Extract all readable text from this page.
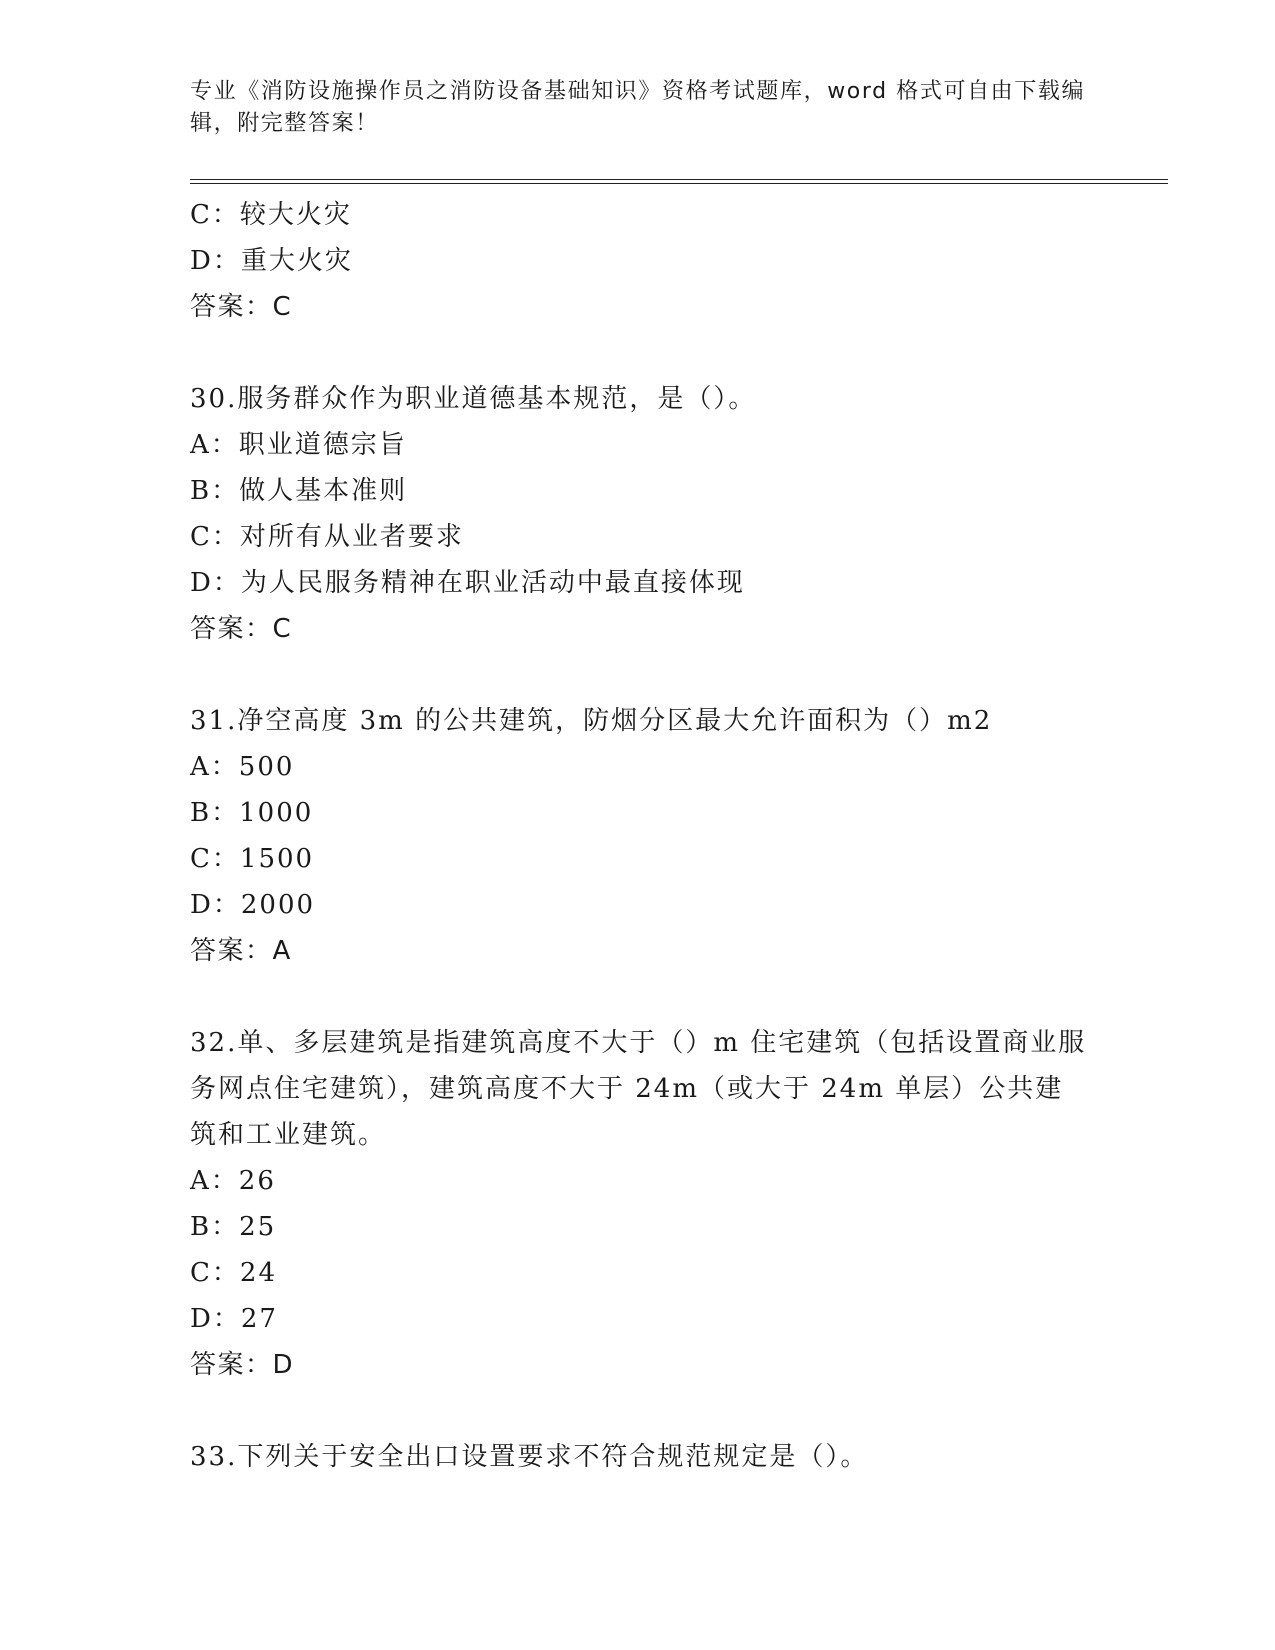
专业《消防设施操作员之消防设备基础知识》资格考试题库，word 格式可自由下载编辑，附完整答案！
C：较大火灾
D：重大火灾
答案：C
30.服务群众作为职业道德基本规范，是（）。
A：职业道德宗旨
B：做人基本准则
C：对所有从业者要求
D：为人民服务精神在职业活动中最直接体现
答案：C
31.净空高度 3m 的公共建筑，防烟分区最大允许面积为（）m2
A：500
B：1000
C：1500
D：2000
答案：A
32.单、多层建筑是指建筑高度不大于（）m 住宅建筑（包括设置商业服务网点住宅建筑），建筑高度不大于 24m（或大于 24m 单层）公共建筑和工业建筑。
A：26
B：25
C：24
D：27
答案：D
33.下列关于安全出口设置要求不符合规范规定是（）。
